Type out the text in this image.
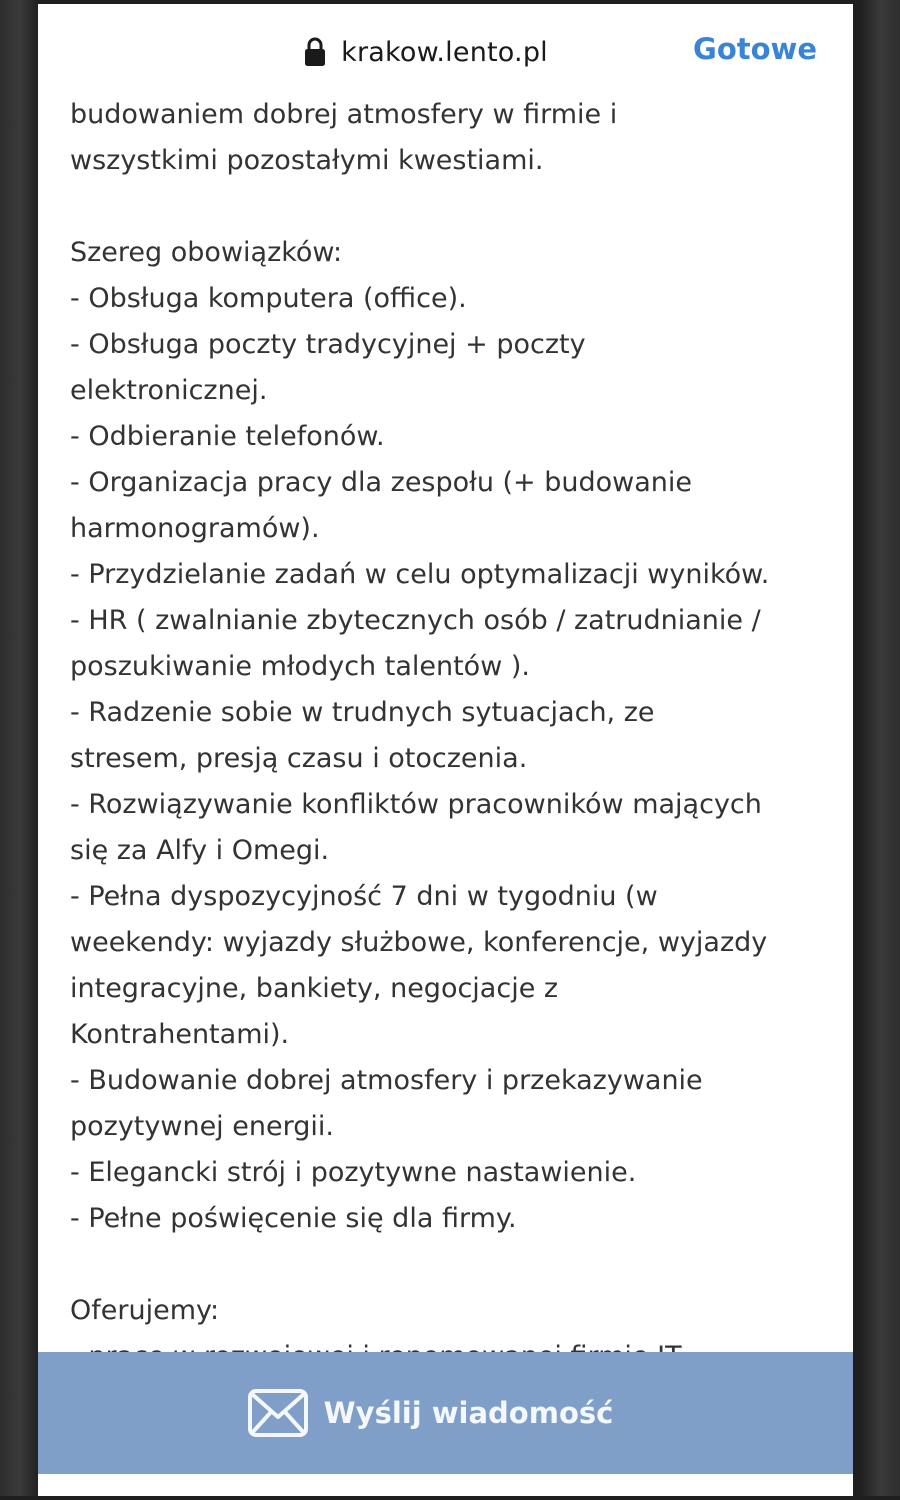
budowaniem dobrej atmosfery w firmie i
wszystkimi pozostałymi kwestiami.
Szereg obowiązków:
- Obsługa komputera (office).
- Obsługa poczty tradycyjnej + poczty
elektronicznej.
- Odbieranie telefonów.
- Organizacja pracy dla zespołu (+ budowanie
harmonogramów).
- Przydzielanie zadań w celu optymalizacji wyników.
- HR ( zwalnianie zbytecznych osób / zatrudnianie /
poszukiwanie młodych talentów ).
- Radzenie sobie w trudnych sytuacjach, ze
stresem, presją czasu i otoczenia.
- Rozwiązywanie konfliktów pracowników mających
się za Alfy i Omegi.
- Pełna dyspozycyjność 7 dni w tygodniu (w
weekendy: wyjazdy służbowe, konferencje, wyjazdy
integracyjne, bankiety, negocjacje z
Kontrahentami).
- Budowanie dobrej atmosfery i przekazywanie
pozytywnej energii.
- Elegancki strój i pozytywne nastawienie.
- Pełne poświęcenie się dla firmy.
Oferujemy:
krakow.lento.pl	Gotowe
Wyślij wiadomość
